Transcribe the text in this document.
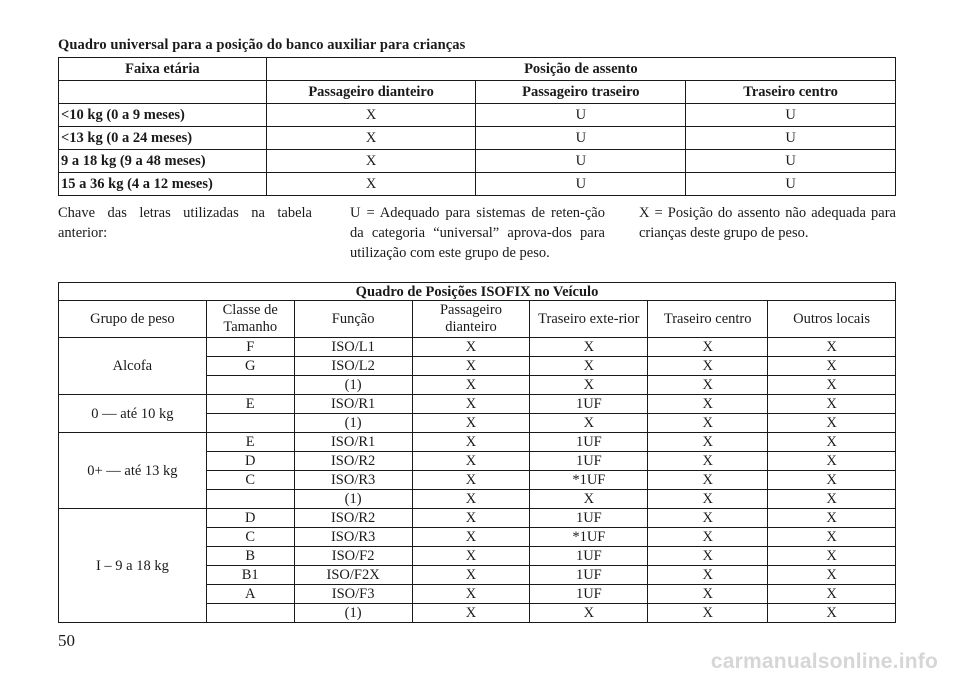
Quadro universal para a posição do banco auxiliar para crianças
Faixa etária	Posição de assento		
	Passageiro dianteiro	Passageiro traseiro	Traseiro centro
<10 kg (0 a 9 meses)	X	U	U
<13 kg (0 a 24 meses)	X	U	U
9 a 18 kg (9 a 48 meses)	X	U	U
15 a 36 kg (4 a 12 meses)	X	U	U
Chave das letras utilizadas na tabela anterior:
U = Adequado para sistemas de reten-ção da categoria “universal” aprova-dos para utilização com este grupo de peso.
X = Posição do assento não adequada para crianças deste grupo de peso.
Quadro de Posições ISOFIX no Veículo						
Grupo de peso	Classe de Tamanho	Função	Passageiro dianteiro	Traseiro exte-rior	Traseiro centro	Outros locais
Alcofa	F	ISO/L1	X	X	X	X
	G	ISO/L2	X	X	X	X
		(1)	X	X	X	X
0 — até 10 kg	E	ISO/R1	X	1UF	X	X
		(1)	X	X	X	X
0+ — até 13 kg	E	ISO/R1	X	1UF	X	X
	D	ISO/R2	X	1UF	X	X
	C	ISO/R3	X	*1UF	X	X
		(1)	X	X	X	X
I – 9 a 18 kg	D	ISO/R2	X	1UF	X	X
	C	ISO/R3	X	*1UF	X	X
	B	ISO/F2	X	1UF	X	X
	B1	ISO/F2X	X	1UF	X	X
	A	ISO/F3	X	1UF	X	X
		(1)	X	X	X	X
50
carmanualsonline.info
